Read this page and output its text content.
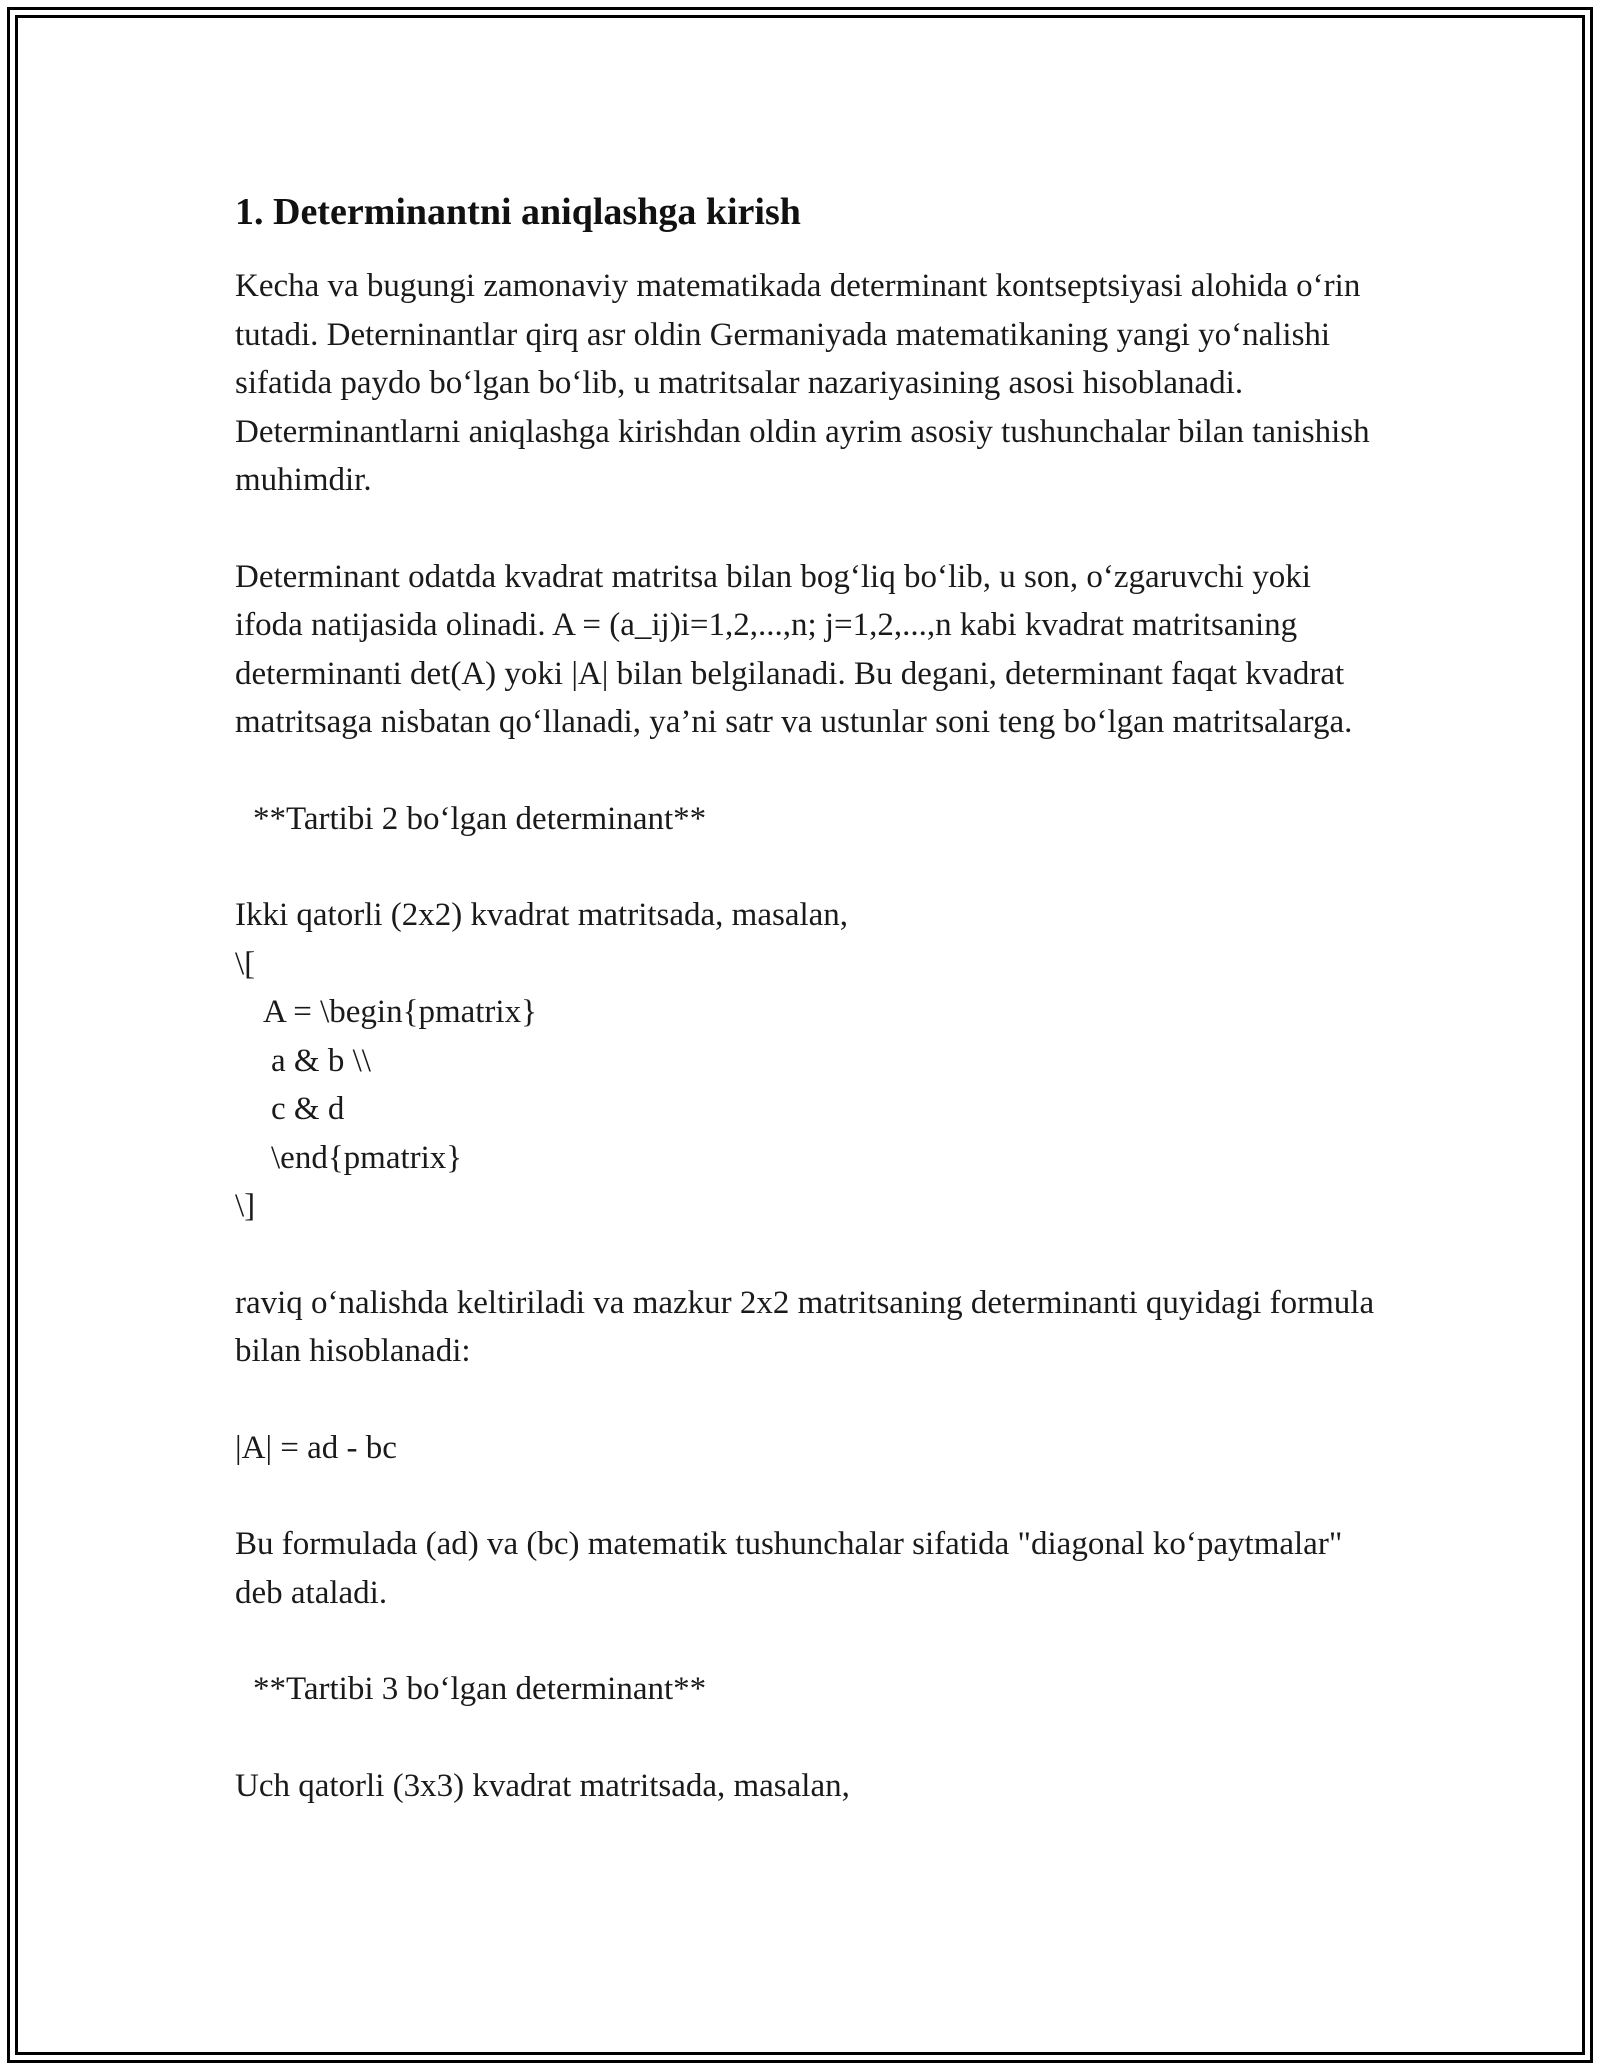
1. Determinantni aniqlashga kirish

Kecha va bugungi zamonaviy matematikada determinant kontseptsiyasi alohida o‘rin tutadi. Deterninantlar qirq asr oldin Germaniyada matematikaning yangi yo‘nalishi sifatida paydo bo‘lgan bo‘lib, u matritsalar nazariyasining asosi hisoblanadi. Determinantlarni aniqlashga kirishdan oldin ayrim asosiy tushunchalar bilan tanishish muhimdir.

Determinant odatda kvadrat matritsa bilan bog‘liq bo‘lib, u son, o‘zgaruvchi yoki ifoda natijasida olinadi. A = (a_ij)i=1,2,...,n; j=1,2,...,n kabi kvadrat matritsaning determinanti det(A) yoki |A| bilan belgilanadi. Bu degani, determinant faqat kvadrat matritsaga nisbatan qo‘llanadi, ya’ni satr va ustunlar soni teng bo‘lgan matritsalarga.

**Tartibi 2 bo‘lgan determinant**

Ikki qatorli (2x2) kvadrat matritsada, masalan,
\[
A = \begin{pmatrix}
a & b \\
c & d
\end{pmatrix}
\]

raviq o‘nalishda keltiriladi va mazkur 2x2 matritsaning determinanti quyidagi formula bilan hisoblanadi:

|A| = ad - bc

Bu formulada (ad) va (bc) matematik tushunchalar sifatida "diagonal ko‘paytmalar" deb ataladi.

**Tartibi 3 bo‘lgan determinant**

Uch qatorli (3x3) kvadrat matritsada, masalan,
